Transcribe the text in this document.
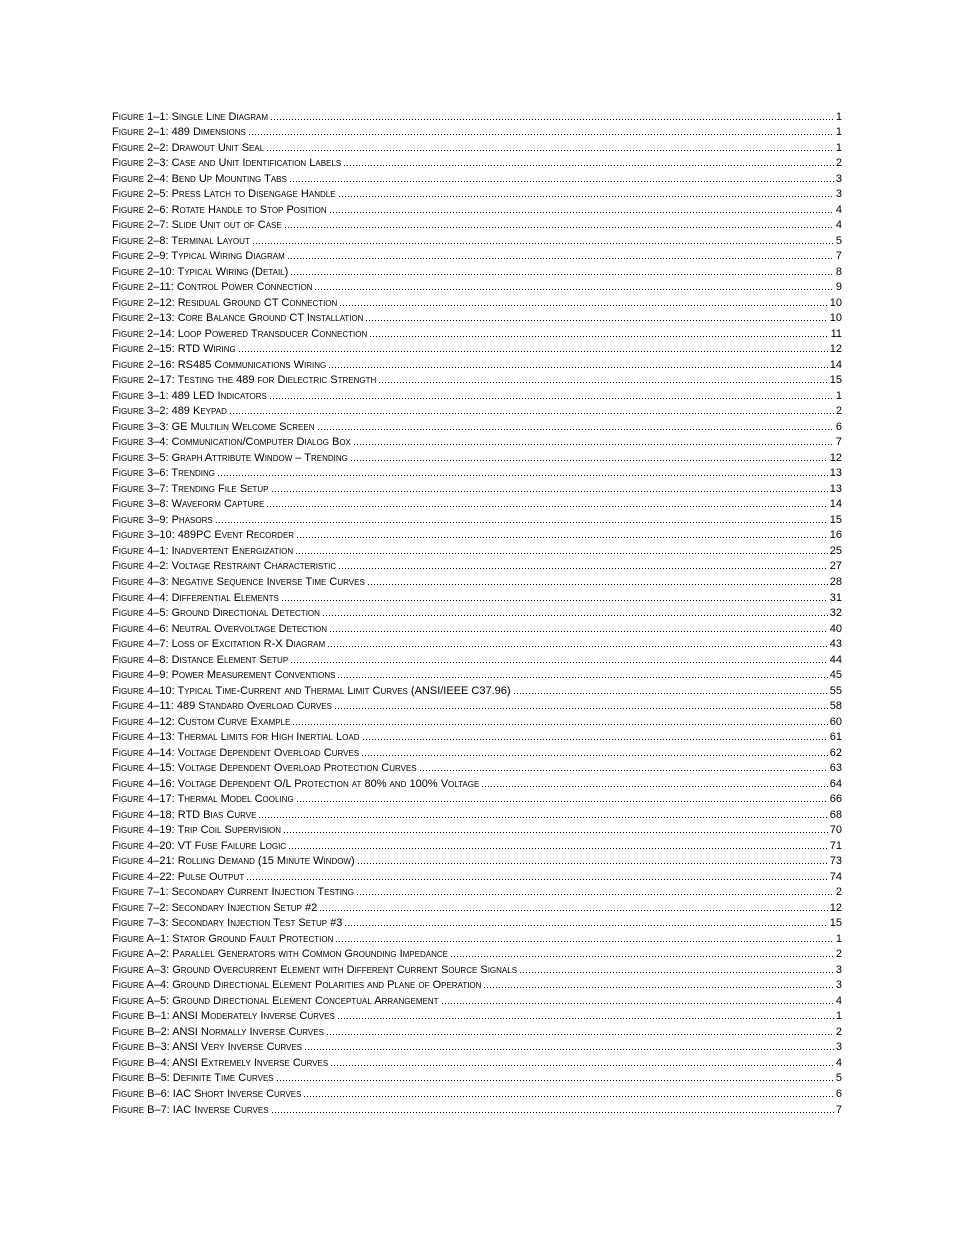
Figure 1–1: Single Line Diagram	1
Figure 2–1: 489 Dimensions	1
Figure 2–2: Drawout Unit Seal	1
Figure 2–3: Case and Unit Identification Labels	2
Figure 2–4: Bend Up Mounting Tabs	3
Figure 2–5: Press Latch to Disengage Handle	3
Figure 2–6: Rotate Handle to Stop Position	4
Figure 2–7: Slide Unit out of Case	4
Figure 2–8: Terminal Layout	5
Figure 2–9: Typical Wiring Diagram	7
Figure 2–10: Typical Wiring (Detail)	8
Figure 2–11: Control Power Connection	9
Figure 2–12: Residual Ground CT Connection	10
Figure 2–13: Core Balance Ground CT Installation	10
Figure 2–14: Loop Powered Transducer Connection	11
Figure 2–15: RTD Wiring	12
Figure 2–16: RS485 Communications Wiring	14
Figure 2–17: Testing the 489 for Dielectric Strength	15
Figure 3–1: 489 LED Indicators	1
Figure 3–2: 489 Keypad	2
Figure 3–3: GE Multilin Welcome Screen	6
Figure 3–4: Communication/Computer Dialog Box	7
Figure 3–5: Graph Attribute Window – Trending	12
Figure 3–6: Trending	13
Figure 3–7: Trending File Setup	13
Figure 3–8: Waveform Capture	14
Figure 3–9: Phasors	15
Figure 3–10: 489PC Event Recorder	16
Figure 4–1: Inadvertent Energization	25
Figure 4–2: Voltage Restraint Characteristic	27
Figure 4–3: Negative Sequence Inverse Time Curves	28
Figure 4–4: Differential Elements	31
Figure 4–5: Ground Directional Detection	32
Figure 4–6: Neutral Overvoltage Detection	40
Figure 4–7: Loss of Excitation R-X Diagram	43
Figure 4–8: Distance Element Setup	44
Figure 4–9: Power Measurement Conventions	45
Figure 4–10: Typical Time-Current and Thermal Limit Curves (ANSI/IEEE C37.96)	55
Figure 4–11: 489 Standard Overload Curves	58
Figure 4–12: Custom Curve Example	60
Figure 4–13: Thermal Limits for High Inertial Load	61
Figure 4–14: Voltage Dependent Overload Curves	62
Figure 4–15: Voltage Dependent Overload Protection Curves	63
Figure 4–16: Voltage Dependent O/L Protection at 80% and 100% Voltage	64
Figure 4–17: Thermal Model Cooling	66
Figure 4–18: RTD Bias Curve	68
Figure 4–19: Trip Coil Supervision	70
Figure 4–20: VT Fuse Failure Logic	71
Figure 4–21: Rolling Demand (15 Minute Window)	73
Figure 4–22: Pulse Output	74
Figure 7–1: Secondary Current Injection Testing	2
Figure 7–2: Secondary Injection Setup #2	12
Figure 7–3: Secondary Injection Test Setup #3	15
Figure A–1: Stator Ground Fault Protection	1
Figure A–2: Parallel Generators with Common Grounding Impedance	2
Figure A–3: Ground Overcurrent Element with Different Current Source Signals	3
Figure A–4: Ground Directional Element Polarities and Plane of Operation	3
Figure A–5: Ground Directional Element Conceptual Arrangement	4
Figure B–1: ANSI Moderately Inverse Curves	1
Figure B–2: ANSI Normally Inverse Curves	2
Figure B–3: ANSI Very Inverse Curves	3
Figure B–4: ANSI Extremely Inverse Curves	4
Figure B–5: Definite Time Curves	5
Figure B–6: IAC Short Inverse Curves	6
Figure B–7: IAC Inverse Curves	7
